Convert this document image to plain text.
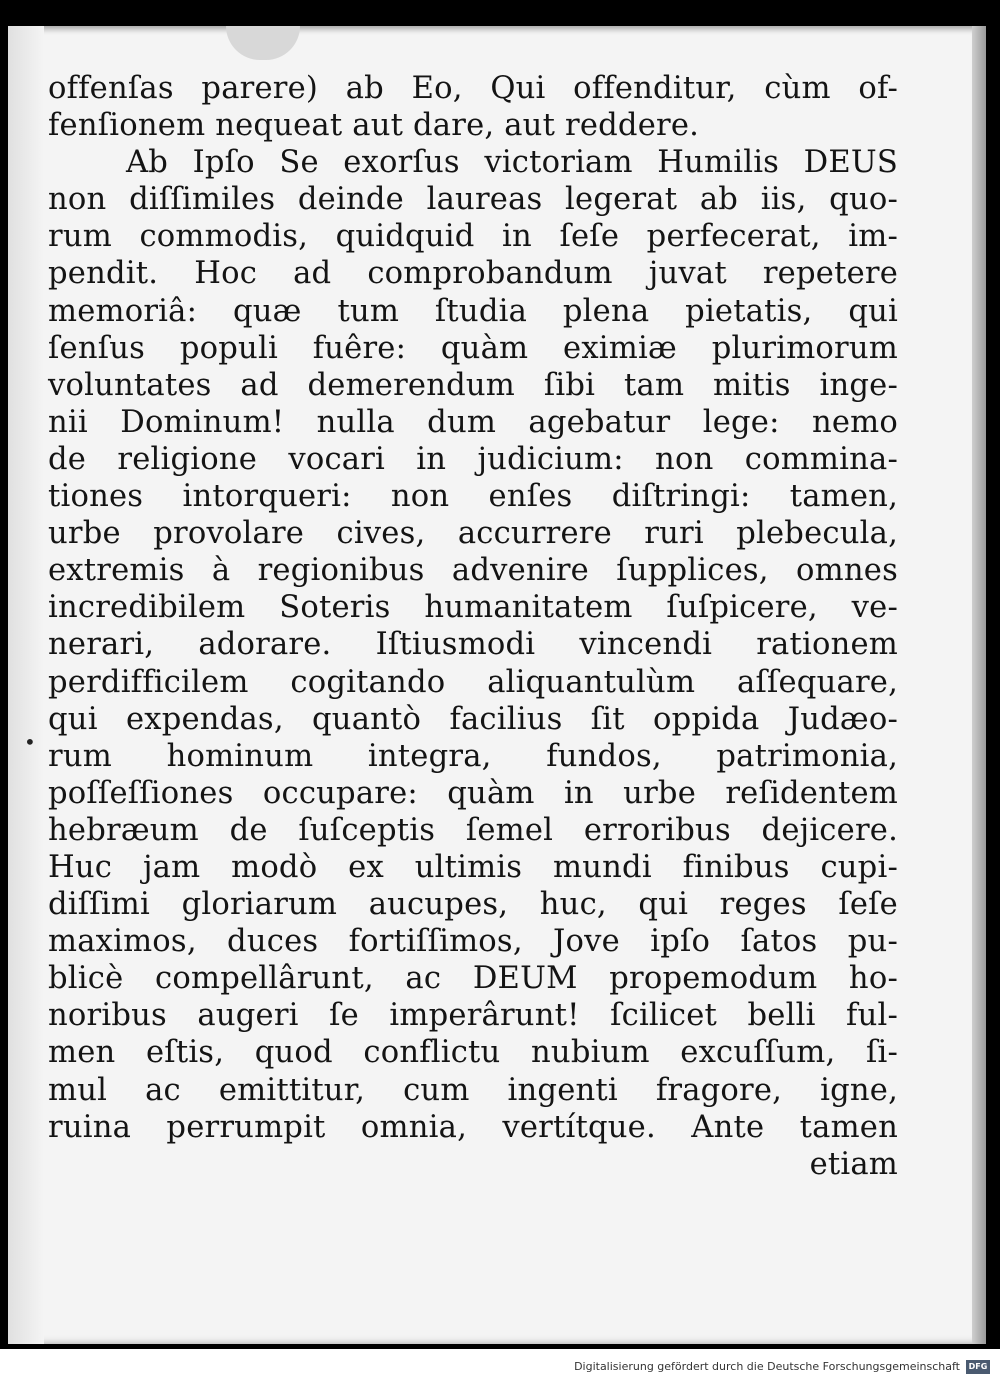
offenſas parere) ab Eo, Qui offenditur, cùm of-
fenſionem nequeat aut dare, aut reddere.
Ab Ipſo Se exorſus victoriam Humilis DEUS
non diſſimiles deinde laureas legerat ab iis, quo-
rum commodis, quidquid in ſeſe perfecerat, im-
pendit. Hoc ad comprobandum juvat repetere
memoriâ: quæ tum ſtudia plena pietatis, qui
ſenſus populi fuêre: quàm eximiæ plurimorum
voluntates ad demerendum ſibi tam mitis inge-
nii Dominum! nulla dum agebatur lege: nemo
de religione vocari in judicium: non commina-
tiones intorqueri: non enſes diſtringi: tamen,
urbe provolare cives, accurrere ruri plebecula,
extremis à regionibus advenire ſupplices, omnes
incredibilem Soteris humanitatem ſuſpicere, ve-
nerari, adorare. Iſtiusmodi vincendi rationem
perdifficilem cogitando aliquantulùm aſſequare,
qui expendas, quantò facilius ſit oppida Judæo-
rum hominum integra, fundos, patrimonia,
poſſeſſiones occupare: quàm in urbe reſidentem
hebræum de ſuſceptis ſemel erroribus dejicere.
Huc jam modò ex ultimis mundi finibus cupi-
diſſimi gloriarum aucupes, huc, qui reges ſeſe
maximos, duces fortiſſimos, Jove ipſo ſatos pu-
blicè compellârunt, ac DEUM propemodum ho-
noribus augeri ſe imperârunt! ſcilicet belli ful-
men eſtis, quod conflictu nubium excuſſum, ſi-
mul ac emittitur, cum ingenti fragore, igne,
ruina perrumpit omnia, vertítque. Ante tamen
etiam
•
Digitalisierung gefördert durch die Deutsche Forschungsgemeinschaft	DFG
